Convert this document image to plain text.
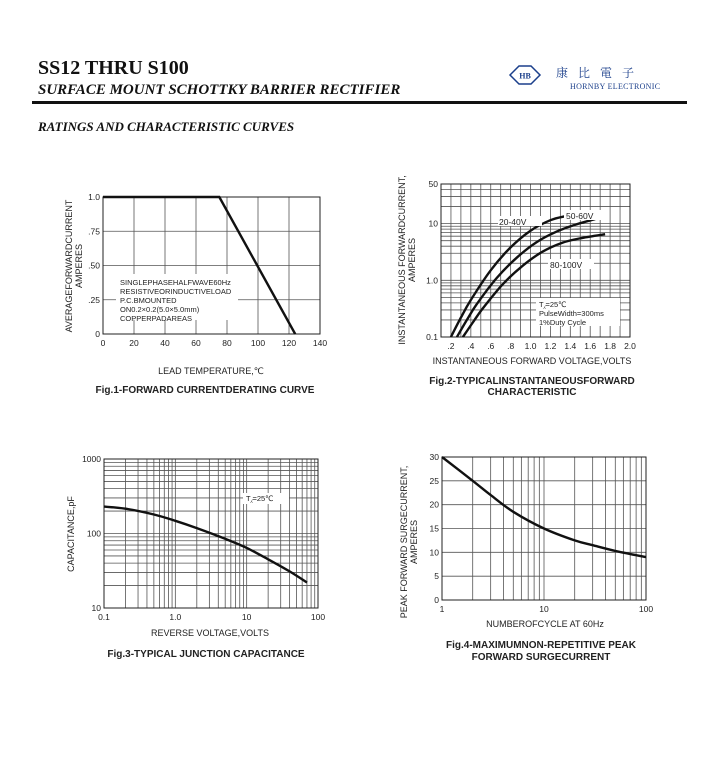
SS12 THRU S100
SURFACE MOUNT SCHOTTKY BARRIER RECTIFIER
HB 康比電子
HORNBY ELECTRONIC
RATINGS AND CHARACTERISTIC CURVES
0	20	40	60	80 100 120 140
0
.25
.50
.75
1.0
SINGLEPHASEHALFWAVE60Hz
RESISTIVEORINDUCTIVELOAD
P.C.BMOUNTED
ON0.2×0.2(5.0×5.0mm)
COPPERPADAREAS
LEAD TEMPERATURE,℃
AVERAGEFORWARDCURRENT AMPERES
Fig.1-FORWARD CURRENTDERATING CURVE
.2 .4 .6 .8 1.0 1.2 1.4 1.6 1.8 2.0
0.1
1.0
10
50
20-40V
50-60V
80-100V
T⁁=25℃
PulseWidth=300ms
1%Duty Cycle
INSTANTANEOUS FORWARD VOLTAGE,VOLTS
INSTANTANEOUS FORWARDCURRENT, AMPERES
Fig.2-TYPICALINSTANTANEOUSFORWARD
CHARACTERISTIC
0.1	1.0	10	100
10
100
1000
T⁁=25℃
REVERSE VOLTAGE,VOLTS
CAPACITANCE,pF
Fig.3-TYPICAL JUNCTION CAPACITANCE
1	10	100
0
5
10
15
20
25
30
NUMBEROFCYCLE AT 60Hz
PEAK FORWARD SURGECURRENT, AMPERES
Fig.4-MAXIMUMNON-REPETITIVE PEAK
FORWARD SURGECURRENT
